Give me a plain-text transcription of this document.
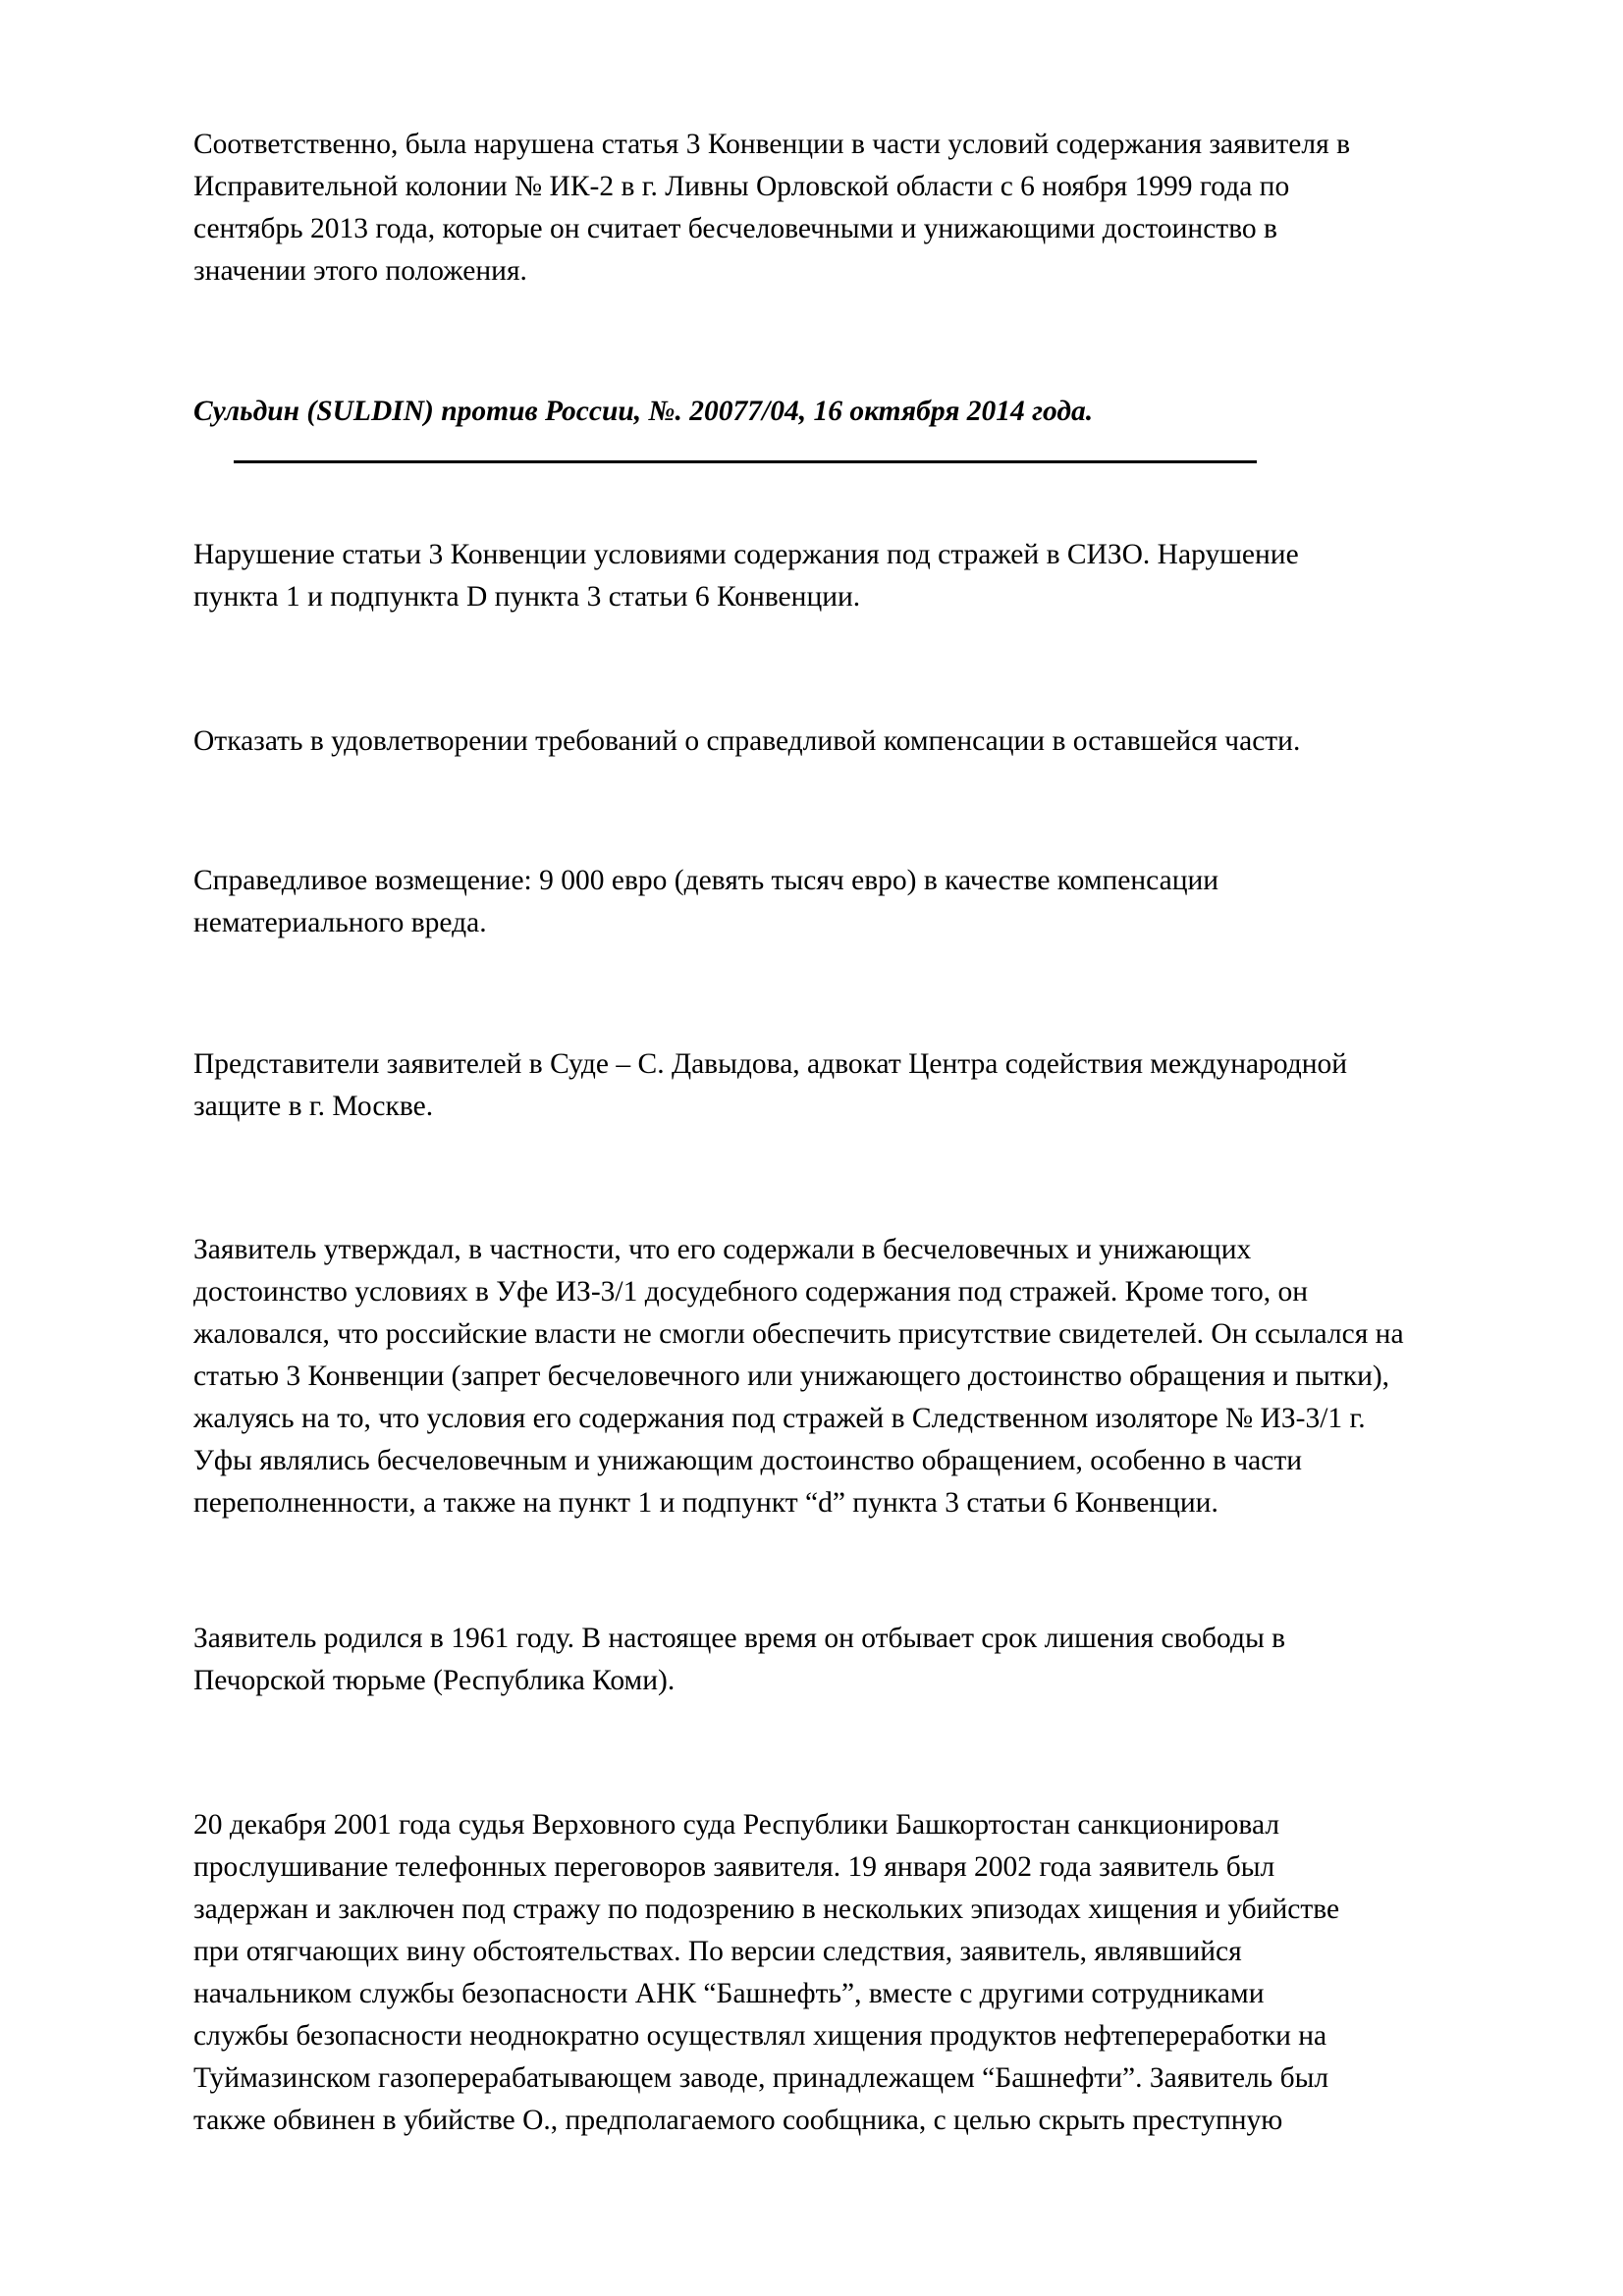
Соответственно, была нарушена статья 3 Конвенции в части условий содержания заявителя в
Исправительной колонии № ИК-2 в г. Ливны Орловской области с 6 ноября 1999 года по
сентябрь 2013 года, которые он считает бесчеловечными и унижающими достоинство в
значении этого положения.

Сульдин (SULDIN) против России, №. 20077/04, 16 октября 2014 года.

Нарушение статьи 3 Конвенции условиями содержания под стражей в СИЗО. Нарушение
пункта 1 и подпункта D пункта 3 статьи 6 Конвенции.

Отказать в удовлетворении требований о справедливой компенсации в оставшейся части.

Справедливое возмещение: 9 000 евро (девять тысяч евро) в качестве компенсации
нематериального вреда.

Представители заявителей в Суде – С. Давыдова, адвокат Центра содействия международной
защите в г. Москве.

Заявитель утверждал, в частности, что его содержали в бесчеловечных и унижающих
достоинство условиях в Уфе ИЗ-3/1 досудебного содержания под стражей. Кроме того, он
жаловался, что российские власти не смогли обеспечить присутствие свидетелей. Он ссылался на
статью 3 Конвенции (запрет бесчеловечного или унижающего достоинство обращения и пытки),
жалуясь на то, что условия его содержания под стражей в Следственном изоляторе № ИЗ-3/1 г.
Уфы являлись бесчеловечным и унижающим достоинство обращением, особенно в части
переполненности, а также на пункт 1 и подпункт “d” пункта 3 статьи 6 Конвенции.

Заявитель родился в 1961 году. В настоящее время он отбывает срок лишения свободы в
Печорской тюрьме (Республика Коми).

20 декабря 2001 года судья Верховного суда Республики Башкортостан санкционировал
прослушивание телефонных переговоров заявителя. 19 января 2002 года заявитель был
задержан и заключен под стражу по подозрению в нескольких эпизодах хищения и убийстве
при отягчающих вину обстоятельствах. По версии следствия, заявитель, являвшийся
начальником службы безопасности АНК “Башнефть”, вместе с другими сотрудниками
службы безопасности неоднократно осуществлял хищения продуктов нефтепереработки на
Туймазинском газоперерабатывающем заводе, принадлежащем “Башнефти”. Заявитель был
также обвинен в убийстве О., предполагаемого сообщника, с целью скрыть преступную
